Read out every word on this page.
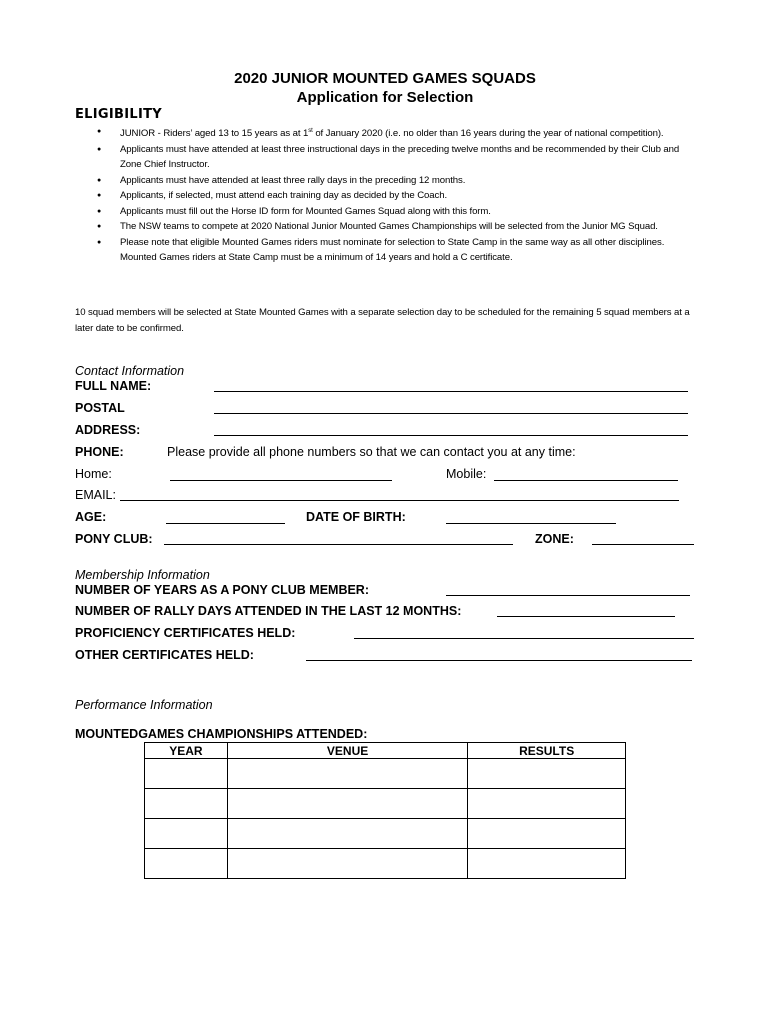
2020 JUNIOR MOUNTED GAMES SQUADS
Application for Selection
ELIGIBILITY
● JUNIOR - Riders’ aged 13 to 15 years as at 1st of January 2020 (i.e. no older than 16 years during the year of national competition).
● Applicants must have attended at least three instructional days in the preceding twelve months and be recommended by their Club and Zone Chief Instructor.
● Applicants must have attended at least three rally days in the preceding 12 months.
● Applicants, if selected, must attend each training day as decided by the Coach.
● Applicants must fill out the Horse ID form for Mounted Games Squad along with this form.
● The NSW teams to compete at 2020 National Junior Mounted Games Championships will be selected from the Junior MG Squad.
● Please note that eligible Mounted Games riders must nominate for selection to State Camp in the same way as all other disciplines. Mounted Games riders at State Camp must be a minimum of 14 years and hold a C certificate.
10 squad members will be selected at State Mounted Games with a separate selection day to be scheduled for the remaining 5 squad members at a later date to be confirmed.
Contact Information
FULL NAME:
POSTAL
ADDRESS:
PHONE:	Please provide all phone numbers so that we can contact you at any time:
Home:	Mobile:
EMAIL:
AGE:	DATE OF BIRTH:
PONY CLUB:	ZONE:
Membership Information
NUMBER OF YEARS AS A PONY CLUB MEMBER:
NUMBER OF RALLY DAYS ATTENDED IN THE LAST 12 MONTHS:
PROFICIENCY CERTIFICATES HELD:
OTHER CERTIFICATES HELD:
Performance Information
MOUNTEDGAMES CHAMPIONSHIPS ATTENDED:
YEAR	VENUE	RESULTS
